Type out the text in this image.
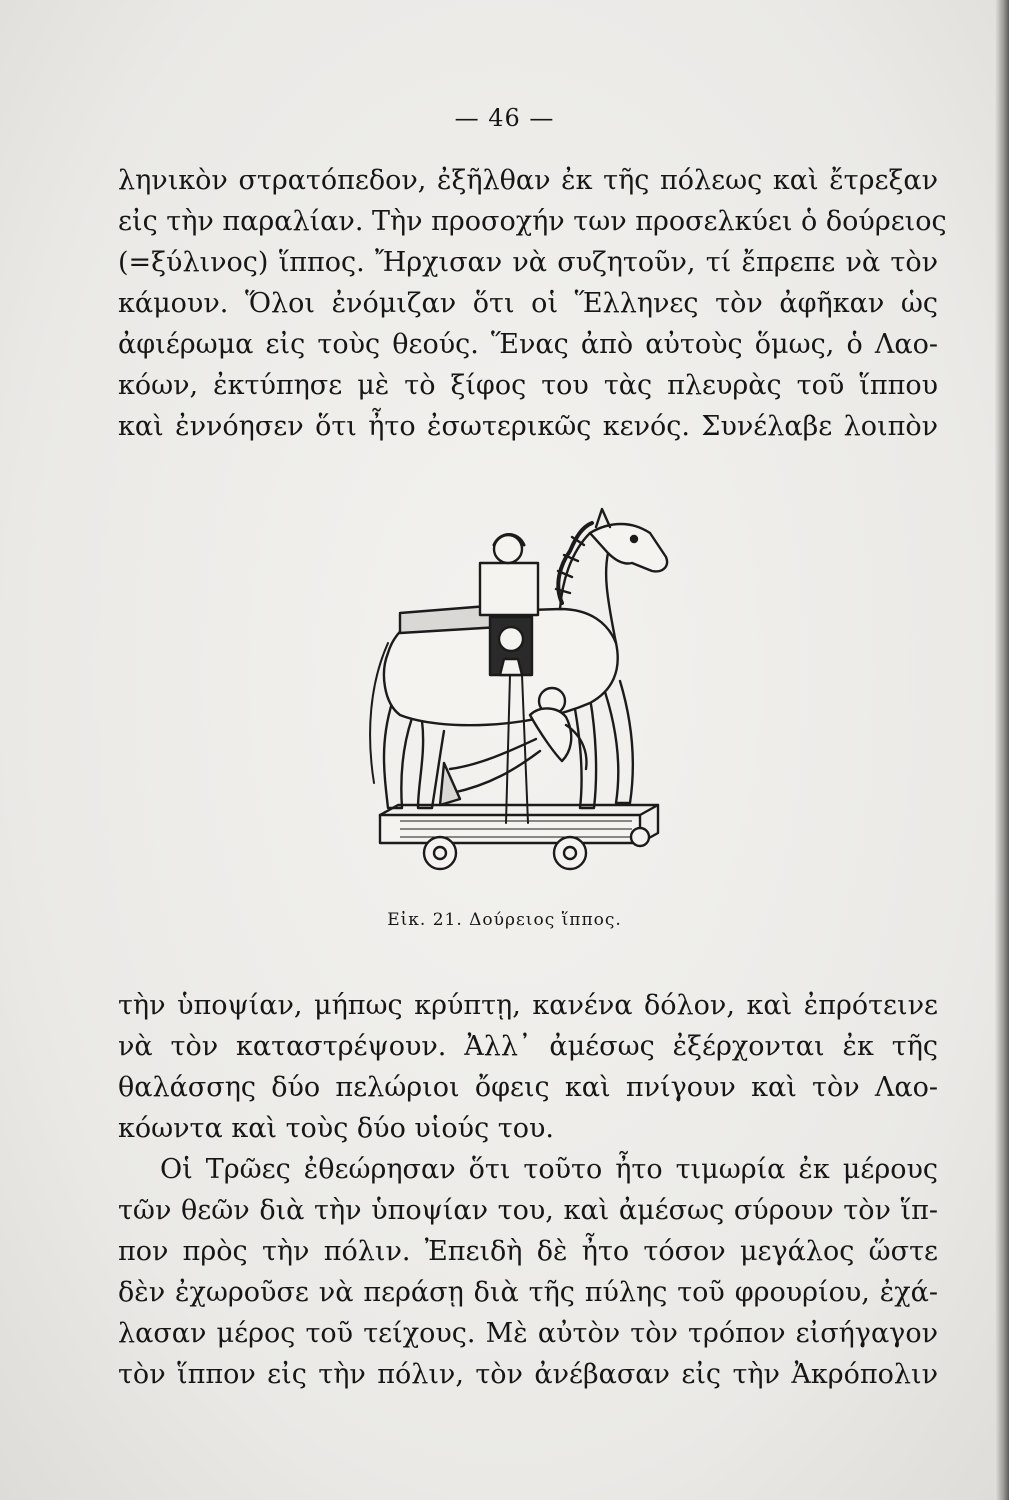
— 46 —
ληνικὸν στρατόπεδον, ἐξῆλθαν ἐκ τῆς πόλεως καὶ ἔτρεξαν
εἰς τὴν παραλίαν. Τὴν προσοχήν των προσελκύει ὁ δούρειος
(=ξύλινος) ἵππος. Ἤρχισαν νὰ συζητοῦν, τί ἔπρεπε νὰ τὸν
κάμουν. Ὅλοι ἐνόμιζαν ὅτι οἱ Ἕλληνες τὸν ἀφῆκαν ὡς
ἀφιέρωμα εἰς τοὺς θεούς. Ἕνας ἀπὸ αὐτοὺς ὅμως, ὁ Λαο-
κόων, ἐκτύπησε μὲ τὸ ξίφος του τὰς πλευρὰς τοῦ ἵππου
καὶ ἐννόησεν ὅτι ἦτο ἐσωτερικῶς κενός. Συνέλαβε λοιπὸν
Εἰκ. 21. Δούρειος ἵππος.
τὴν ὑποψίαν, μήπως κρύπτῃ, κανένα δόλον, καὶ ἐπρότεινε
νὰ τὸν καταστρέψουν. Ἀλλ᾽ ἀμέσως ἐξέρχονται ἐκ τῆς
θαλάσσης δύο πελώριοι ὄφεις καὶ πνίγουν καὶ τὸν Λαο-
κόωντα καὶ τοὺς δύο υἱούς του.
Οἱ Τρῶες ἐθεώρησαν ὅτι τοῦτο ἦτο τιμωρία ἐκ μέρους
τῶν θεῶν διὰ τὴν ὑποψίαν του, καὶ ἀμέσως σύρουν τὸν ἵπ-
πον πρὸς τὴν πόλιν. Ἐπειδὴ δὲ ἦτο τόσον μεγάλος ὥστε
δὲν ἐχωροῦσε νὰ περάσῃ διὰ τῆς πύλης τοῦ φρουρίου, ἐχά-
λασαν μέρος τοῦ τείχους. Μὲ αὐτὸν τὸν τρόπον εἰσήγαγον
τὸν ἵππον εἰς τὴν πόλιν, τὸν ἀνέβασαν εἰς τὴν Ἀκρόπολιν
